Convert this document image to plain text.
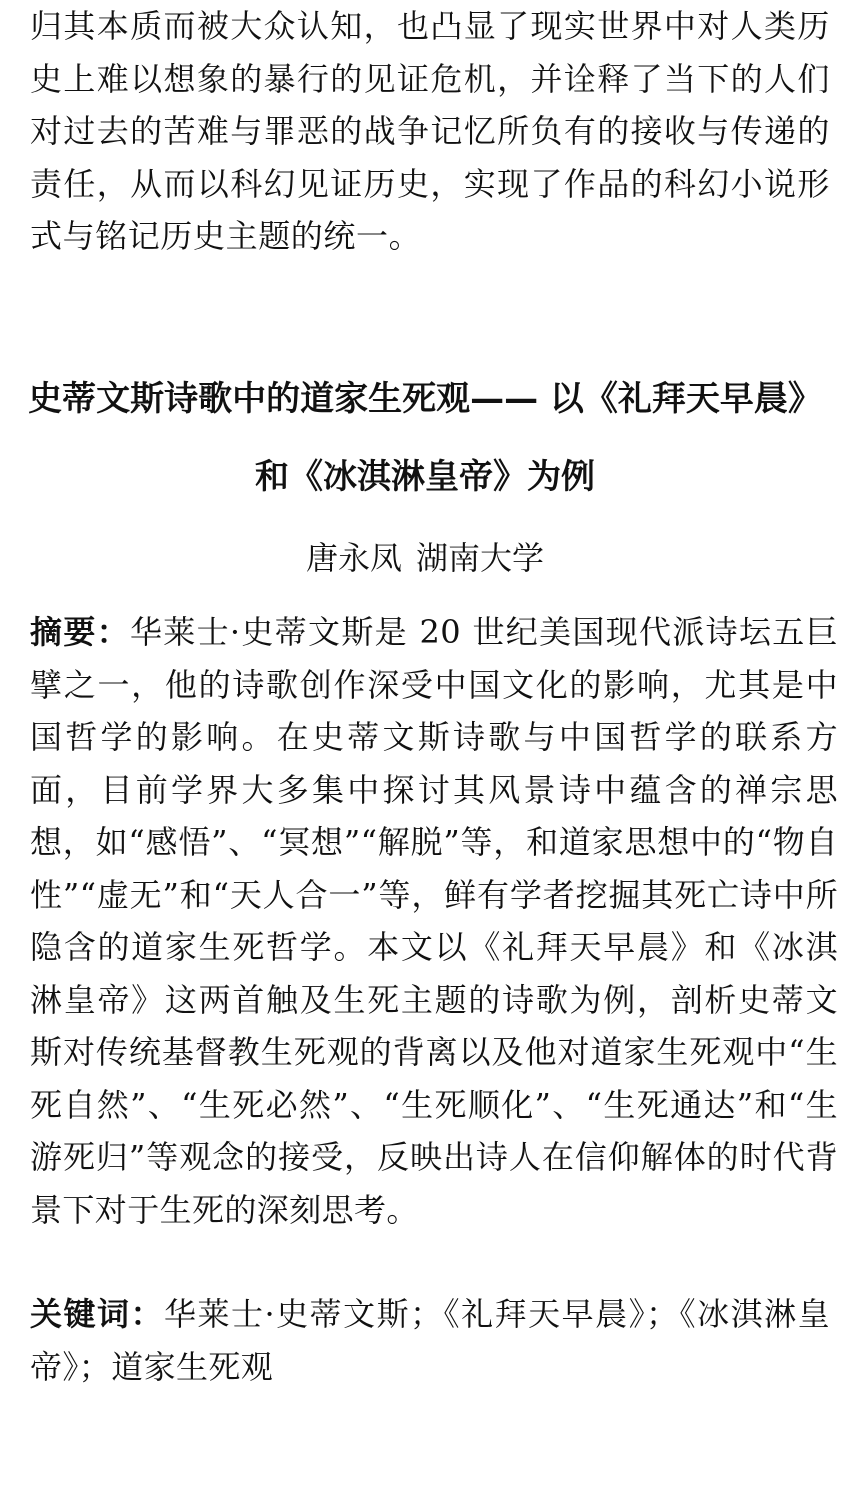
归其本质而被大众认知，也凸显了现实世界中对人类历史上难以想象的暴行的见证危机，并诠释了当下的人们对过去的苦难与罪恶的战争记忆所负有的接收与传递的责任，从而以科幻见证历史，实现了作品的科幻小说形式与铭记历史主题的统一。

史蒂文斯诗歌中的道家生死观—— 以《礼拜天早晨》和《冰淇淋皇帝》为例

唐永凤 湖南大学

摘要：华莱士·史蒂文斯是 20 世纪美国现代派诗坛五巨擘之一，他的诗歌创作深受中国文化的影响，尤其是中国哲学的影响。在史蒂文斯诗歌与中国哲学的联系方面，目前学界大多集中探讨其风景诗中蕴含的禅宗思想，如“感悟”、“冥想”“解脱”等，和道家思想中的“物自性”“虚无”和“天人合一”等，鲜有学者挖掘其死亡诗中所隐含的道家生死哲学。本文以《礼拜天早晨》和《冰淇淋皇帝》这两首触及生死主题的诗歌为例，剖析史蒂文斯对传统基督教生死观的背离以及他对道家生死观中“生死自然”、“生死必然”、“生死顺化”、“生死通达”和“生游死归”等观念的接受，反映出诗人在信仰解体的时代背景下对于生死的深刻思考。

关键词：华莱士·史蒂文斯；《礼拜天早晨》；《冰淇淋皇帝》；道家生死观
